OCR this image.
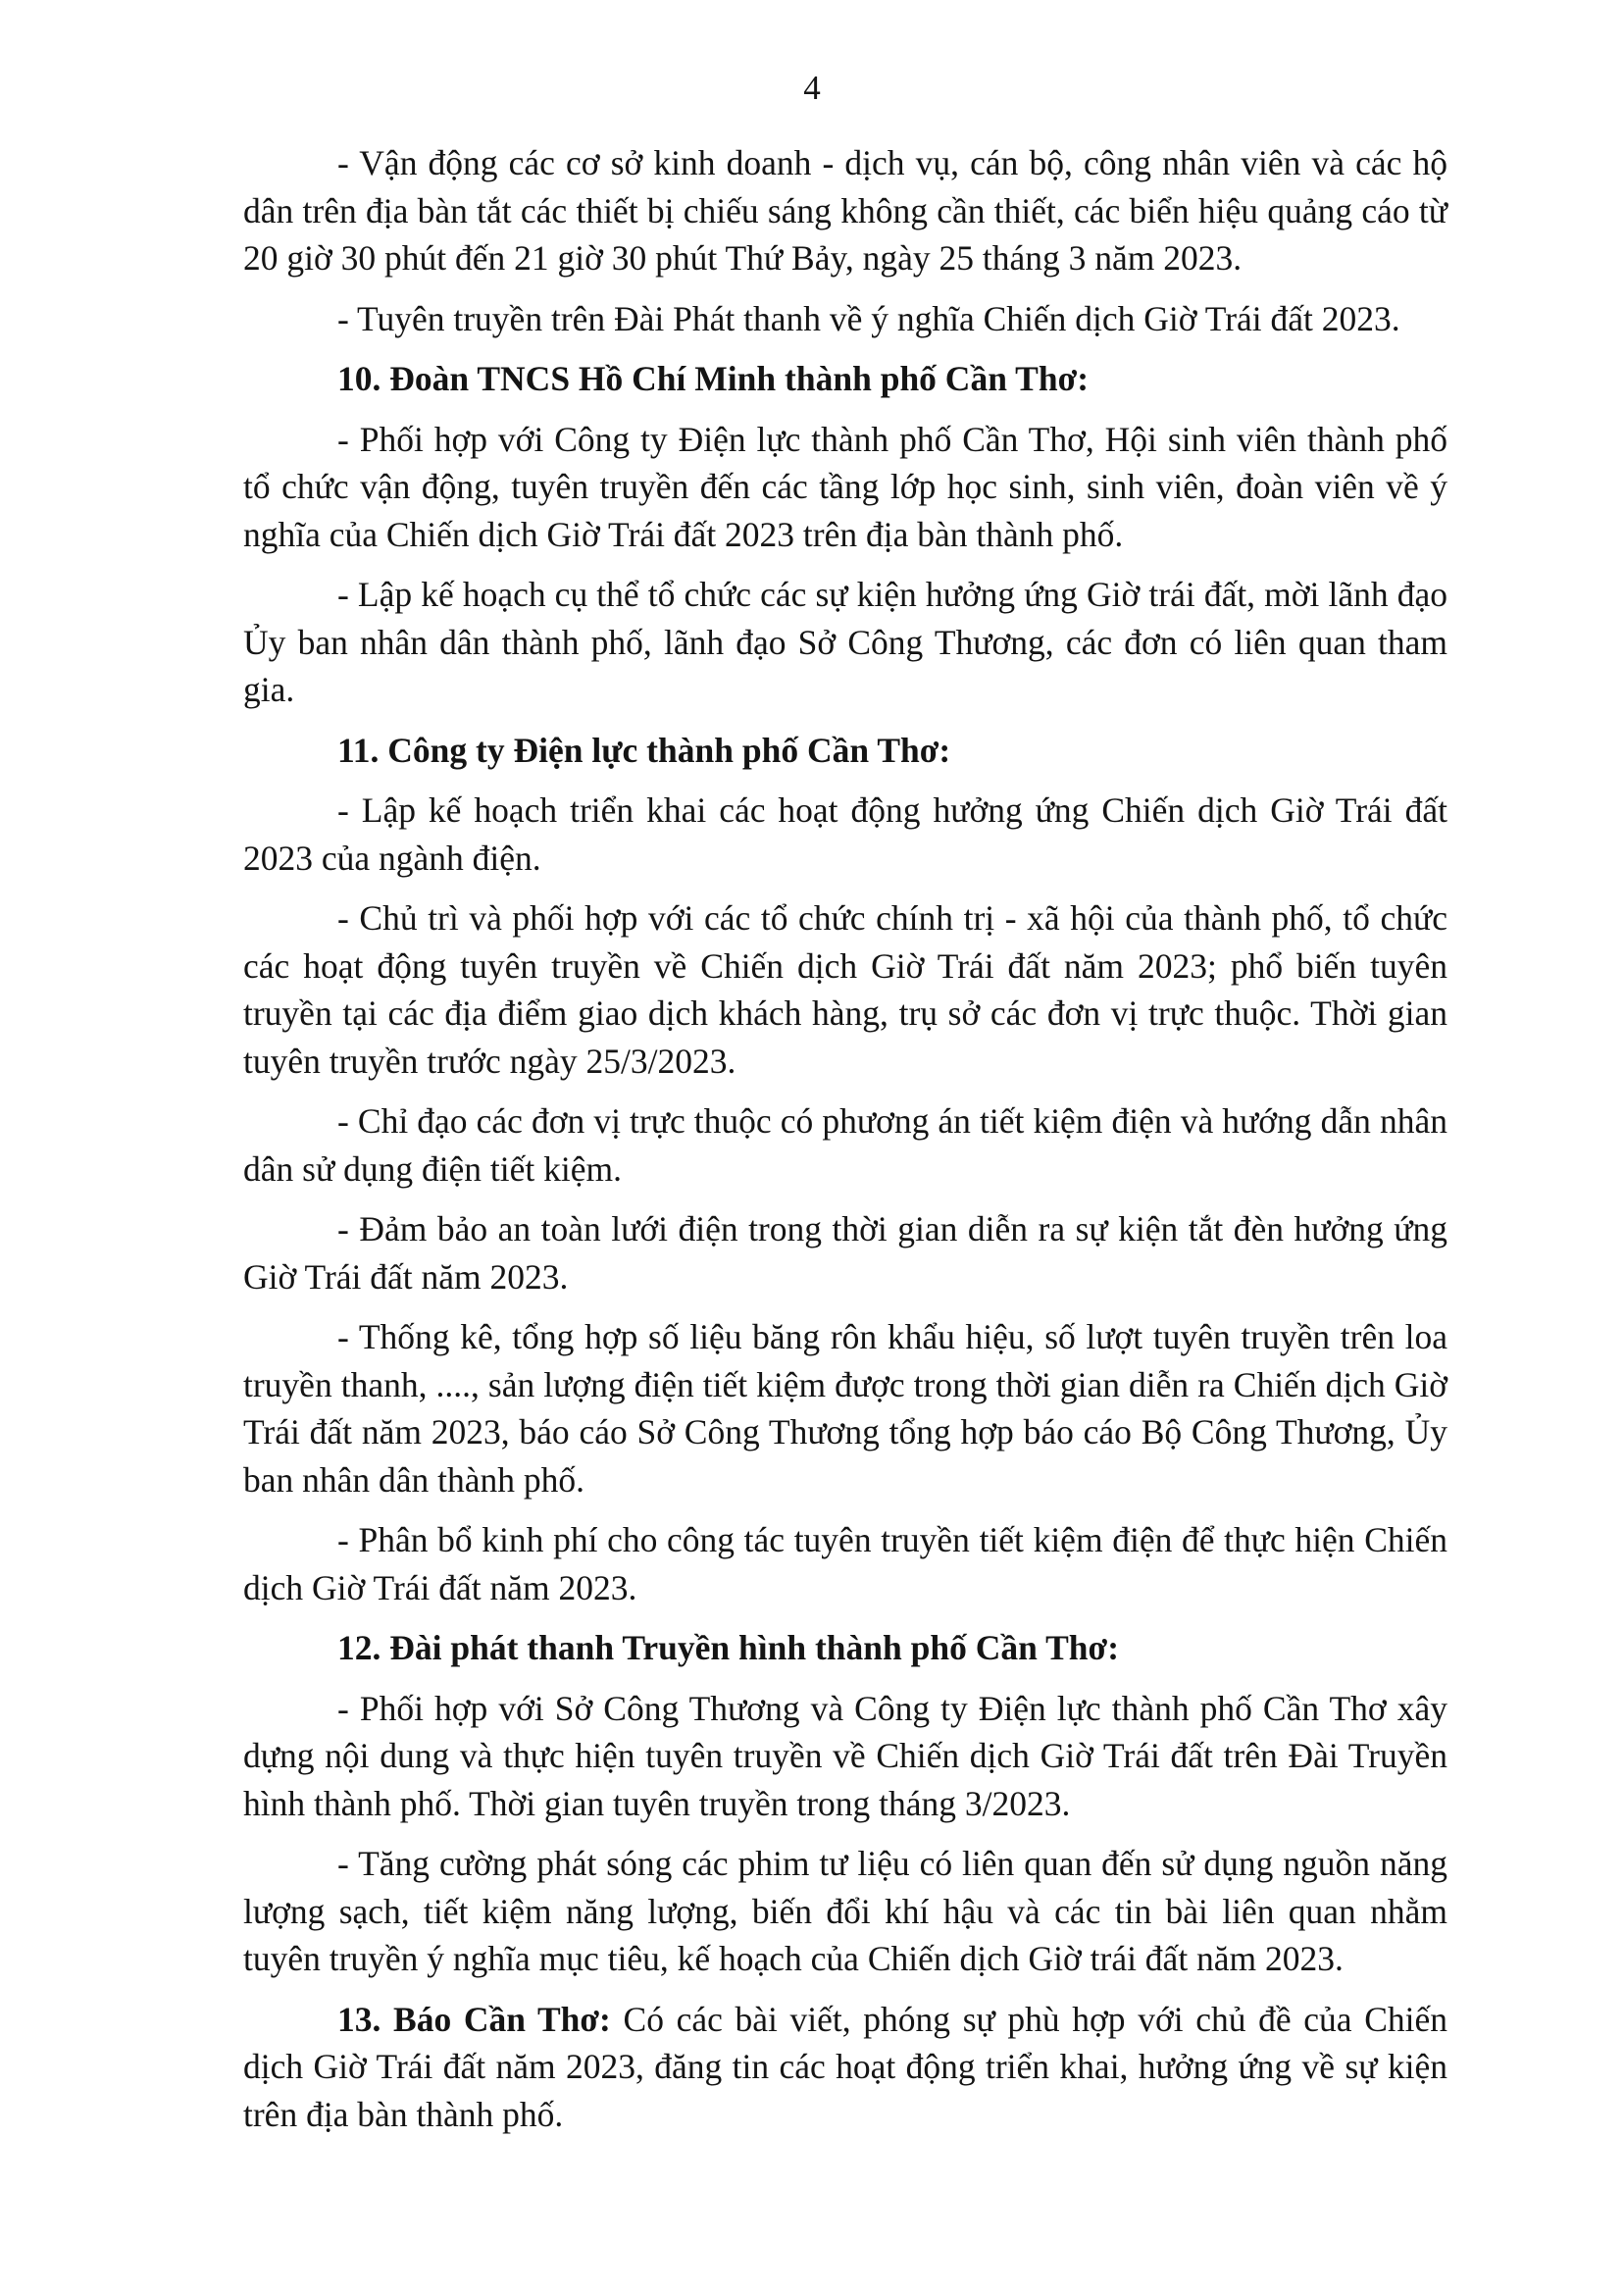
4

- Vận động các cơ sở kinh doanh - dịch vụ, cán bộ, công nhân viên và các hộ dân trên địa bàn tắt các thiết bị chiếu sáng không cần thiết, các biển hiệu quảng cáo từ 20 giờ 30 phút đến 21 giờ 30 phút Thứ Bảy, ngày 25 tháng 3 năm 2023.

- Tuyên truyền trên Đài Phát thanh về ý nghĩa Chiến dịch Giờ Trái đất 2023.

10. Đoàn TNCS Hồ Chí Minh thành phố Cần Thơ:

- Phối hợp với Công ty Điện lực thành phố Cần Thơ, Hội sinh viên thành phố tổ chức vận động, tuyên truyền đến các tầng lớp học sinh, sinh viên, đoàn viên về ý nghĩa của Chiến dịch Giờ Trái đất 2023 trên địa bàn thành phố.

- Lập kế hoạch cụ thể tổ chức các sự kiện hưởng ứng Giờ trái đất, mời lãnh đạo Ủy ban nhân dân thành phố, lãnh đạo Sở Công Thương, các đơn có liên quan tham gia.

11. Công ty Điện lực thành phố Cần Thơ:

- Lập kế hoạch triển khai các hoạt động hưởng ứng Chiến dịch Giờ Trái đất 2023 của ngành điện.

- Chủ trì và phối hợp với các tổ chức chính trị - xã hội của thành phố, tổ chức các hoạt động tuyên truyền về Chiến dịch Giờ Trái đất năm 2023; phổ biến tuyên truyền tại các địa điểm giao dịch khách hàng, trụ sở các đơn vị trực thuộc. Thời gian tuyên truyền trước ngày 25/3/2023.

- Chỉ đạo các đơn vị trực thuộc có phương án tiết kiệm điện và hướng dẫn nhân dân sử dụng điện tiết kiệm.

- Đảm bảo an toàn lưới điện trong thời gian diễn ra sự kiện tắt đèn hưởng ứng Giờ Trái đất năm 2023.

- Thống kê, tổng hợp số liệu băng rôn khẩu hiệu, số lượt tuyên truyền trên loa truyền thanh, ...., sản lượng điện tiết kiệm được trong thời gian diễn ra Chiến dịch Giờ Trái đất năm 2023, báo cáo Sở Công Thương tổng hợp báo cáo Bộ Công Thương, Ủy ban nhân dân thành phố.

- Phân bổ kinh phí cho công tác tuyên truyền tiết kiệm điện để thực hiện Chiến dịch Giờ Trái đất năm 2023.

12. Đài phát thanh Truyền hình thành phố Cần Thơ:

- Phối hợp với Sở Công Thương và Công ty Điện lực thành phố Cần Thơ xây dựng nội dung và thực hiện tuyên truyền về Chiến dịch Giờ Trái đất trên Đài Truyền hình thành phố. Thời gian tuyên truyền trong tháng 3/2023.

- Tăng cường phát sóng các phim tư liệu có liên quan đến sử dụng nguồn năng lượng sạch, tiết kiệm năng lượng, biến đổi khí hậu và các tin bài liên quan nhằm tuyên truyền ý nghĩa mục tiêu, kế hoạch của Chiến dịch Giờ trái đất năm 2023.

13. Báo Cần Thơ: Có các bài viết, phóng sự phù hợp với chủ đề của Chiến dịch Giờ Trái đất năm 2023, đăng tin các hoạt động triển khai, hưởng ứng về sự kiện trên địa bàn thành phố.
